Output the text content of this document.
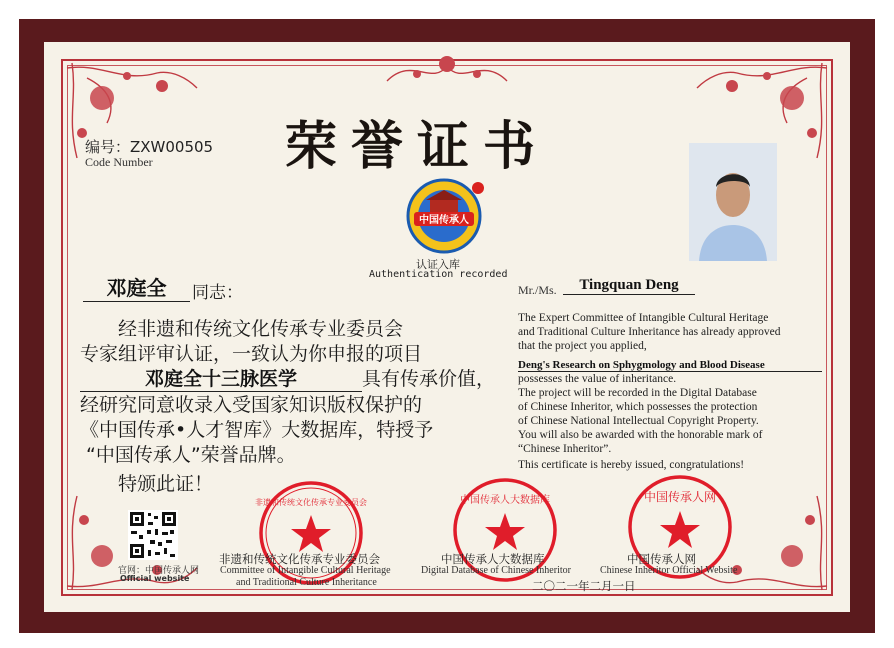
荣誉证书
编号：ZXW00505
Code Number
中国传承人
认证入库
Authentication recorded
邓庭全	同志：
经非遗和传统文化传承专业委员会
专家组评审认证，一致认为你申报的项目
邓庭全十三脉医学	具有传承价值，
经研究同意收录入受国家知识版权保护的
《中国传承•人才智库》大数据库，特授予
“中国传承人”荣誉品牌。
特颁此证！
Mr./Ms.	Tingquan Deng
The Expert Committee of Intangible Cultural Heritage
and Traditional Culture Inheritance has already approved
that the project you applied,
Deng's Research on Sphygmology and Blood Disease
possesses the value of inheritance.
The project will be recorded in the Digital Database
of Chinese Inheritor, which possesses the protection
of Chinese National Intellectual Copyright Property.
You will also be awarded with the honorable mark of
“Chinese Inheritor”.
This certificate is hereby issued, congratulations!
官网：中国传承人网
Official website
非遗和传统文化传承专业委员会	中国传承人大数据库	中国传承人网
非遗和传统文化传承专业委员会
Committee of Intangible Cultural Heritage
and Traditional Culture Inheritance
中国传承人大数据库
Digital Database of Chinese Inheritor
中国传承人网
Chinese Inheritor Official Website
二〇二一年二月一日
